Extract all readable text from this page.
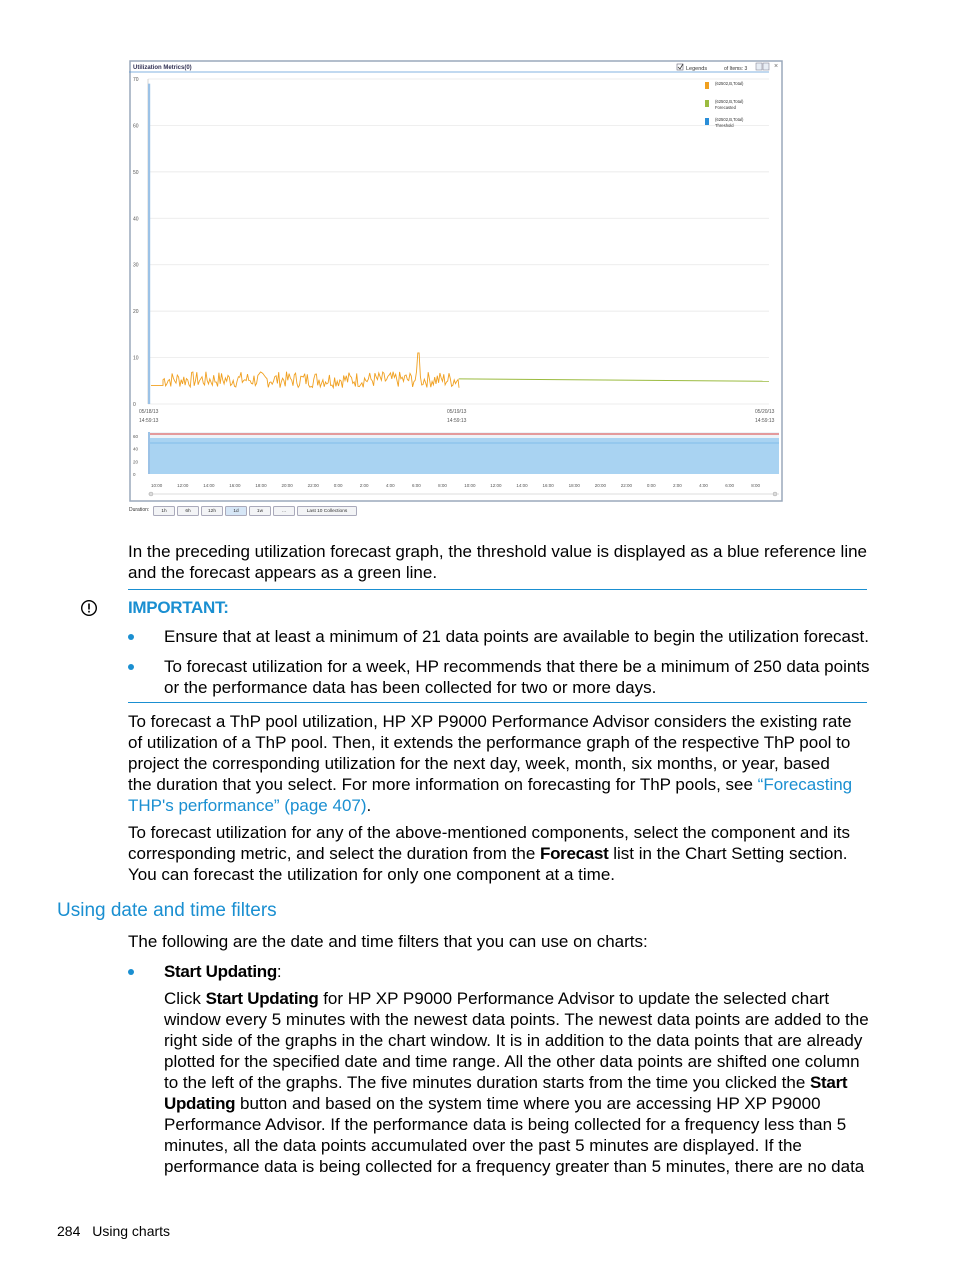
Utilization Metrics(0)	Legends	of Items: 3	×
0
10
20
30
40
50
60
70
(62502,B,Total)
(62502,B,Total)
Forecasted
(62502,B,Total)
Threshold
05/18/13
14:59:13
05/19/13
14:59:13
05/20/13
14:59:13
60
40
20
0
10:00	12:00	14:00	16:00	18:00	20:00	22:00	0:00	2:00	4:00	6:00	8:00	10:00	12:00	14:00	16:00	18:00	20:00	22:00	0:00	2:00	4:00	6:00	8:00
Duration:	1h	6h	12h	1d	1w	...	Last 10 Collections
In the preceding utilization forecast graph, the threshold value is displayed as a blue reference line and the forecast appears as a green line.
IMPORTANT:
Ensure that at least a minimum of 21 data points are available to begin the utilization forecast.
To forecast utilization for a week, HP recommends that there be a minimum of 250 data points or the performance data has been collected for two or more days.
To forecast a ThP pool utilization, HP XP P9000 Performance Advisor considers the existing rate of utilization of a ThP pool. Then, it extends the performance graph of the respective ThP pool to project the corresponding utilization for the next day, week, month, six months, or year, based the duration that you select. For more information on forecasting for ThP pools, see “Forecasting THP's performance” (page 407).
To forecast utilization for any of the above-mentioned components, select the component and its corresponding metric, and select the duration from the Forecast list in the Chart Setting section. You can forecast the utilization for only one component at a time.
Using date and time filters
The following are the date and time filters that you can use on charts:
Start Updating:
Click Start Updating for HP XP P9000 Performance Advisor to update the selected chart window every 5 minutes with the newest data points. The newest data points are added to the right side of the graphs in the chart window. It is in addition to the data points that are already plotted for the specified date and time range. All the other data points are shifted one column to the left of the graphs. The five minutes duration starts from the time you clicked the Start Updating button and based on the system time where you are accessing HP XP P9000 Performance Advisor. If the performance data is being collected for a frequency less than 5 minutes, all the data points accumulated over the past 5 minutes are displayed. If the performance data is being collected for a frequency greater than 5 minutes, there are no data
284 Using charts
